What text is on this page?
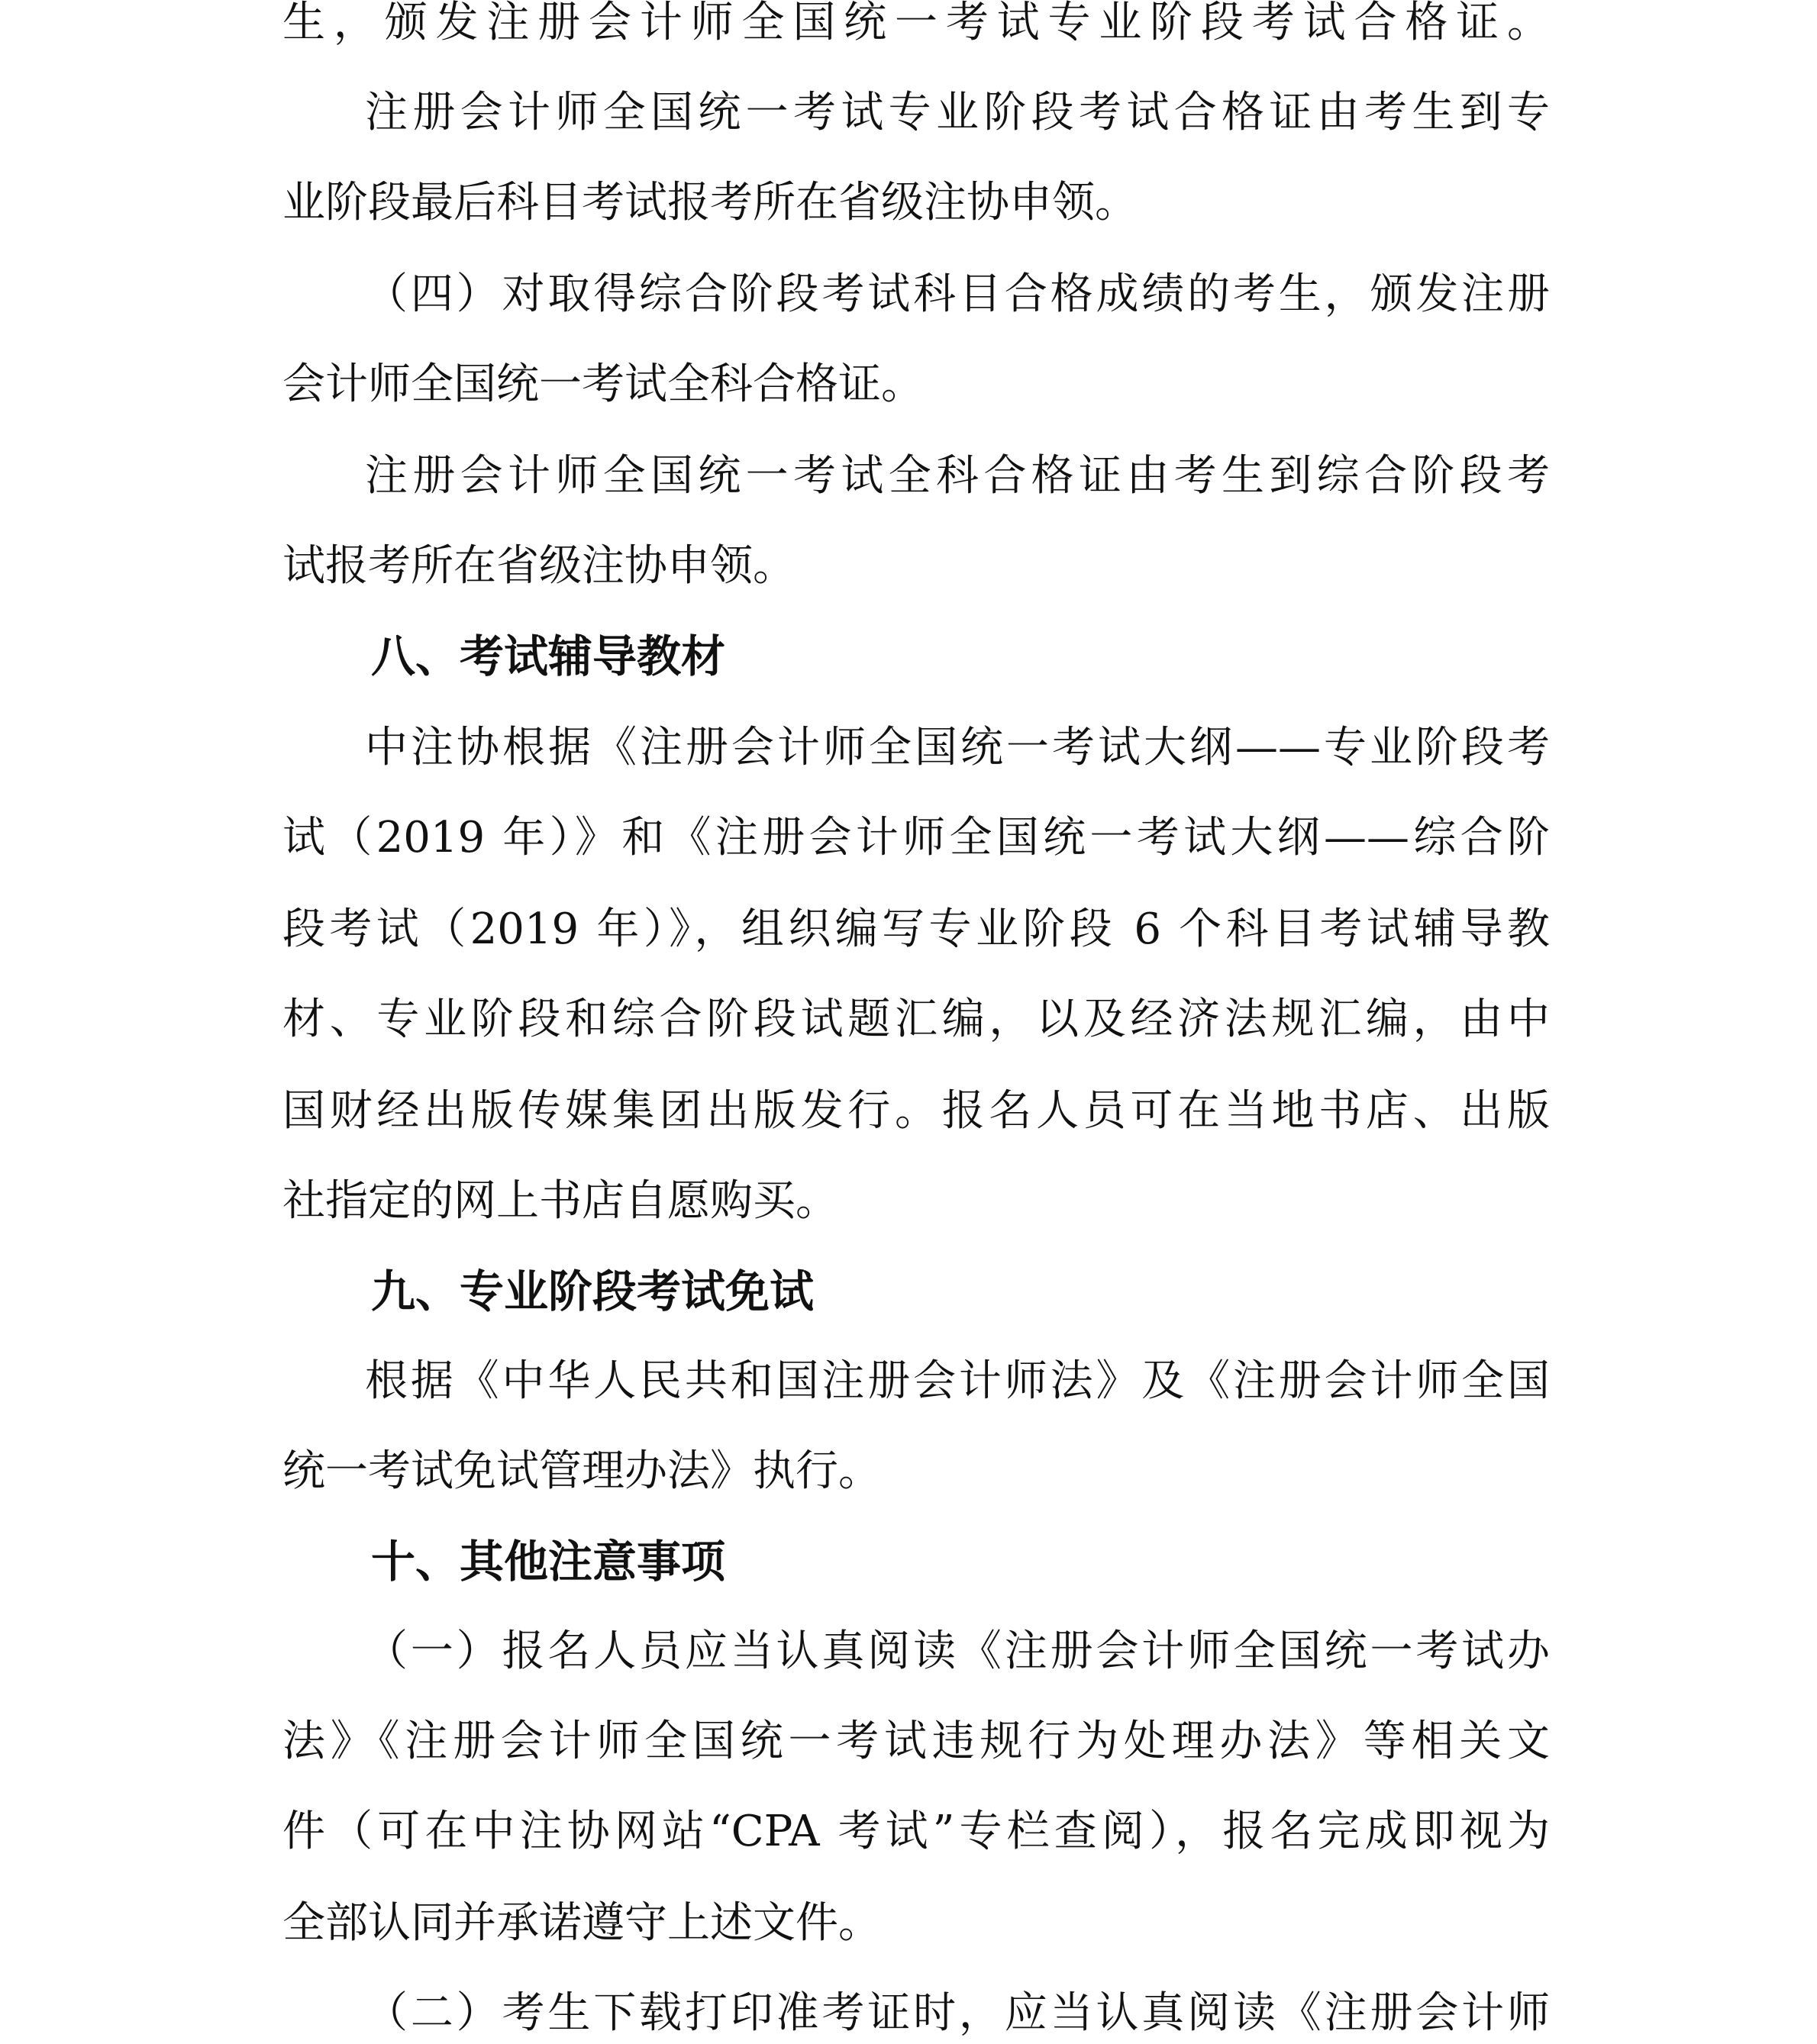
生，颁发注册会计师全国统一考试专业阶段考试合格证。
注册会计师全国统一考试专业阶段考试合格证由考生到专
业阶段最后科目考试报考所在省级注协申领。
（四）对取得综合阶段考试科目合格成绩的考生，颁发注册
会计师全国统一考试全科合格证。
注册会计师全国统一考试全科合格证由考生到综合阶段考
试报考所在省级注协申领。
八、考试辅导教材
中注协根据《注册会计师全国统一考试大纲——专业阶段考
试（2019 年）》和《注册会计师全国统一考试大纲——综合阶
段考试（2019 年）》，组织编写专业阶段 6 个科目考试辅导教
材、专业阶段和综合阶段试题汇编，以及经济法规汇编，由中
国财经出版传媒集团出版发行。报名人员可在当地书店、出版
社指定的网上书店自愿购买。
九、专业阶段考试免试
根据《中华人民共和国注册会计师法》及《注册会计师全国
统一考试免试管理办法》执行。
十、其他注意事项
（一）报名人员应当认真阅读《注册会计师全国统一考试办
法》《注册会计师全国统一考试违规行为处理办法》等相关文
件（可在中注协网站“CPA 考试”专栏查阅），报名完成即视为
全部认同并承诺遵守上述文件。
（二）考生下载打印准考证时，应当认真阅读《注册会计师
